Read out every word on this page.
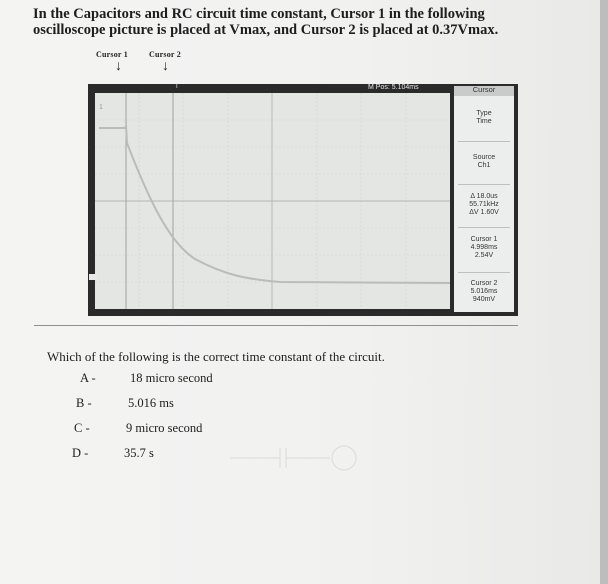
In the Capacitors and RC circuit time constant, Cursor 1 in the following oscilloscope picture is placed at Vmax, and Cursor 2 is placed at 0.37Vmax.
Cursor 1	Cursor 2
↓	↓
T	M Pos: 5.104ms
1
Cursor
Type
Time
Source
Ch1
Δ 18.0us
55.71kHz
ΔV 1.60V
Cursor 1
4.998ms
2.54V
Cursor 2
5.016ms
940mV
Which of the following is the correct time constant of the circuit.
A -	18 micro second
B -	5.016 ms
C -	9 micro second
D -	35.7 s
